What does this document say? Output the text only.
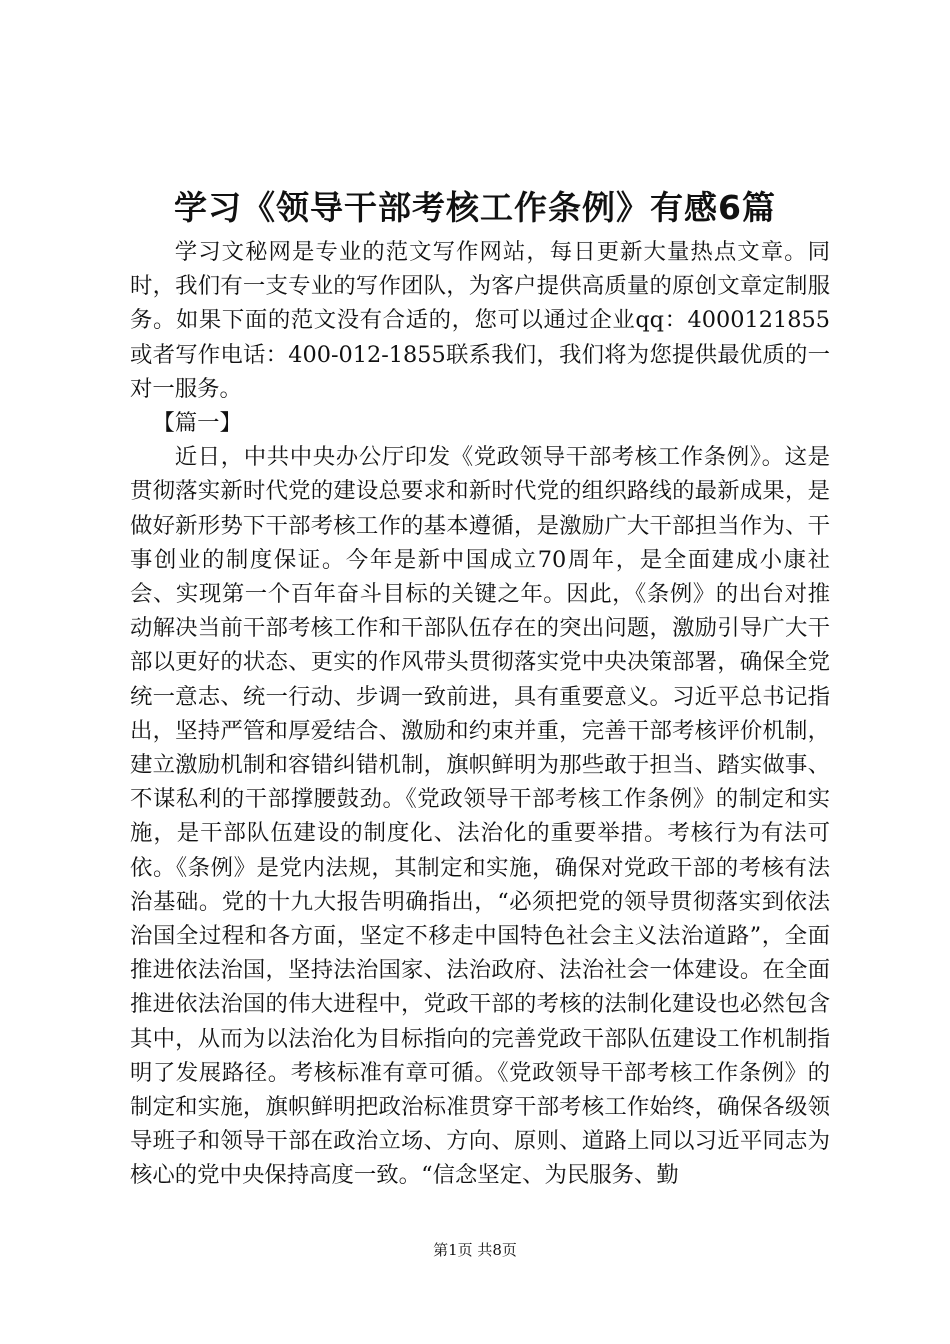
学习《领导干部考核工作条例》有感6篇

学习文秘网是专业的范文写作网站，每日更新大量热点文章。同时，我们有一支专业的写作团队，为客户提供高质量的原创文章定制服务。如果下面的范文没有合适的，您可以通过企业qq：4000121855或者写作电话：400-012-1855联系我们，我们将为您提供最优质的一对一服务。

【篇一】

近日，中共中央办公厅印发《党政领导干部考核工作条例》。这是贯彻落实新时代党的建设总要求和新时代党的组织路线的最新成果，是做好新形势下干部考核工作的基本遵循，是激励广大干部担当作为、干事创业的制度保证。今年是新中国成立70周年，是全面建成小康社会、实现第一个百年奋斗目标的关键之年。因此，《条例》的出台对推动解决当前干部考核工作和干部队伍存在的突出问题，激励引导广大干部以更好的状态、更实的作风带头贯彻落实党中央决策部署，确保全党统一意志、统一行动、步调一致前进，具有重要意义。习近平总书记指出，坚持严管和厚爱结合、激励和约束并重，完善干部考核评价机制，建立激励机制和容错纠错机制，旗帜鲜明为那些敢于担当、踏实做事、不谋私利的干部撑腰鼓劲。《党政领导干部考核工作条例》的制定和实施，是干部队伍建设的制度化、法治化的重要举措。考核行为有法可依。《条例》是党内法规，其制定和实施，确保对党政干部的考核有法治基础。党的十九大报告明确指出，“必须把党的领导贯彻落实到依法治国全过程和各方面，坚定不移走中国特色社会主义法治道路”，全面推进依法治国，坚持法治国家、法治政府、法治社会一体建设。在全面推进依法治国的伟大进程中，党政干部的考核的法制化建设也必然包含其中，从而为以法治化为目标指向的完善党政干部队伍建设工作机制指明了发展路径。考核标准有章可循。《党政领导干部考核工作条例》的制定和实施，旗帜鲜明把政治标准贯穿干部考核工作始终，确保各级领导班子和领导干部在政治立场、方向、原则、道路上同以习近平同志为核心的党中央保持高度一致。“信念坚定、为民服务、勤

第1页 共8页
